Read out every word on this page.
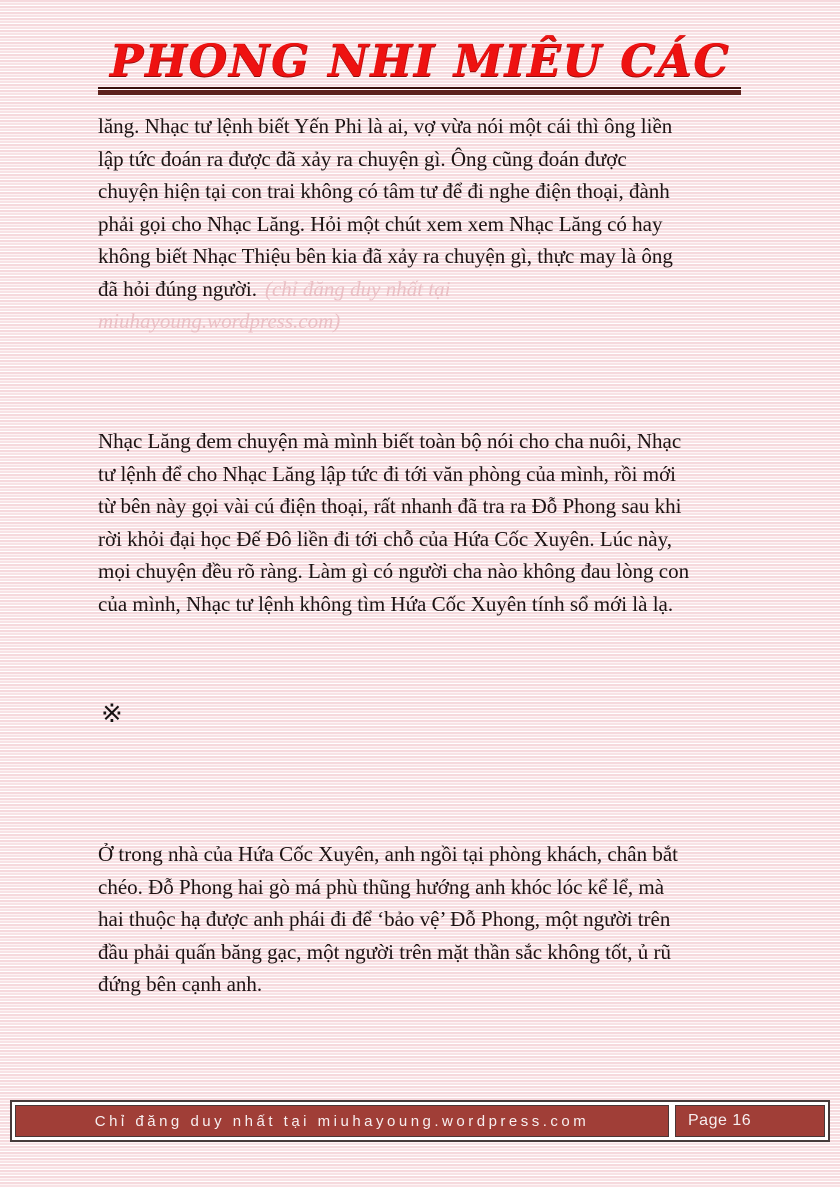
PHONG NHI MIÊU CÁC
lăng. Nhạc tư lệnh biết Yến Phi là ai, vợ vừa nói một cái thì ông liền
lập tức đoán ra được đã xảy ra chuyện gì. Ông cũng đoán được
chuyện hiện tại con trai không có tâm tư để đi nghe điện thoại, đành
phải gọi cho Nhạc Lăng. Hỏi một chút xem xem Nhạc Lăng có hay
không biết Nhạc Thiệu bên kia đã xảy ra chuyện gì, thực may là ông
đã hỏi đúng người. (chỉ đăng duy nhất tại
miuhayoung.wordpress.com)
Nhạc Lăng đem chuyện mà mình biết toàn bộ nói cho cha nuôi, Nhạc
tư lệnh để cho Nhạc Lăng lập tức đi tới văn phòng của mình, rồi mới
từ bên này gọi vài cú điện thoại, rất nhanh đã tra ra Đỗ Phong sau khi
rời khỏi đại học Đế Đô liền đi tới chỗ của Hứa Cốc Xuyên. Lúc này,
mọi chuyện đều rõ ràng. Làm gì có người cha nào không đau lòng con
của mình, Nhạc tư lệnh không tìm Hứa Cốc Xuyên tính sổ mới là lạ.
※
Ở trong nhà của Hứa Cốc Xuyên, anh ngồi tại phòng khách, chân bắt
chéo. Đỗ Phong hai gò má phù thũng hướng anh khóc lóc kể lể, mà
hai thuộc hạ được anh phái đi để ‘bảo vệ’ Đỗ Phong, một người trên
đầu phải quấn băng gạc, một người trên mặt thần sắc không tốt, ủ rũ
đứng bên cạnh anh.
Chỉ đăng duy nhất tại miuhayoung.wordpress.com	Page 16
